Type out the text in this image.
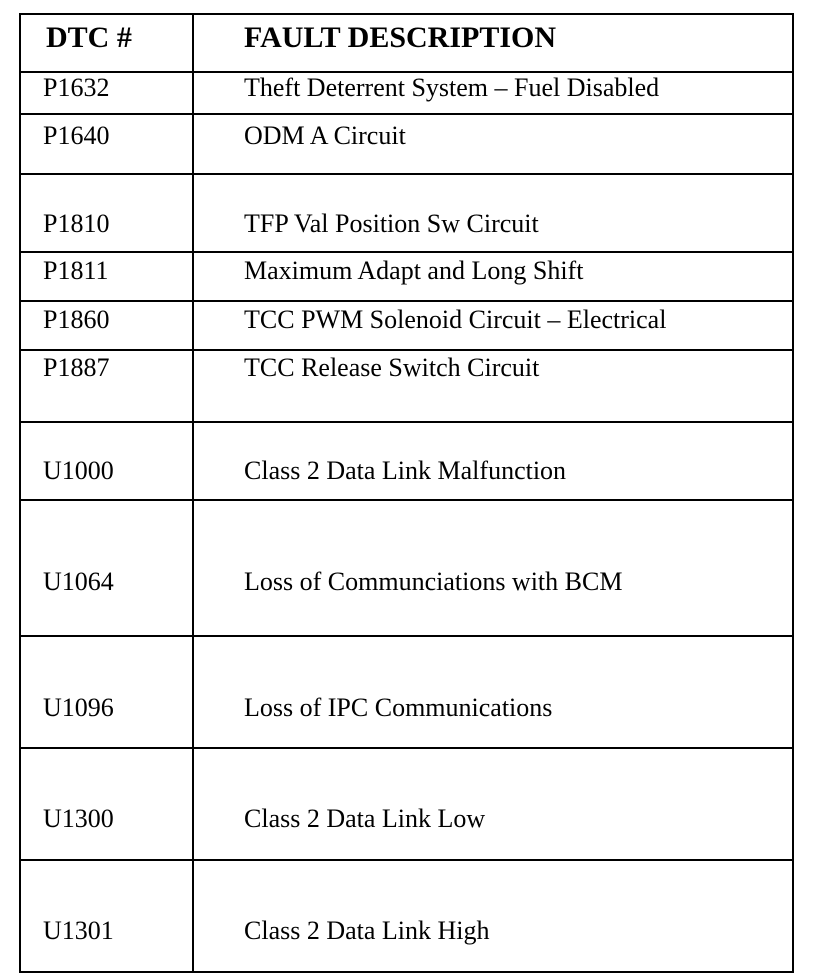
DTC #	FAULT DESCRIPTION
P1632	Theft Deterrent System – Fuel Disabled
P1640	ODM A Circuit
P1810	TFP Val Position Sw Circuit
P1811	Maximum Adapt and Long Shift
P1860	TCC PWM Solenoid Circuit – Electrical
P1887	TCC Release Switch Circuit
U1000	Class 2 Data Link Malfunction
U1064	Loss of Communciations with BCM
U1096	Loss of IPC Communications
U1300	Class 2 Data Link Low
U1301	Class 2 Data Link High
